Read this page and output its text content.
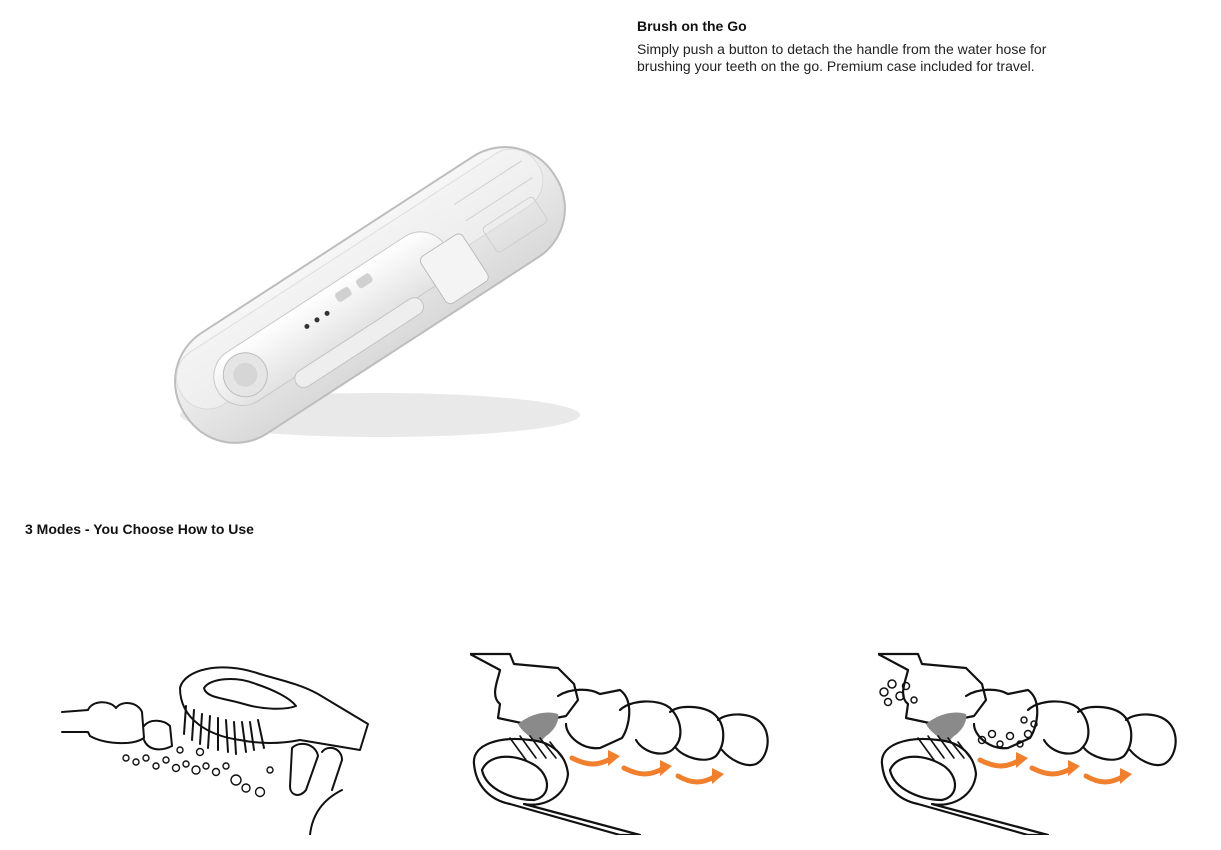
Brush on the Go

Simply push a button to detach the handle from the water hose for brushing your teeth on the go. Premium case included for travel.

3 Modes - You Choose How to Use
